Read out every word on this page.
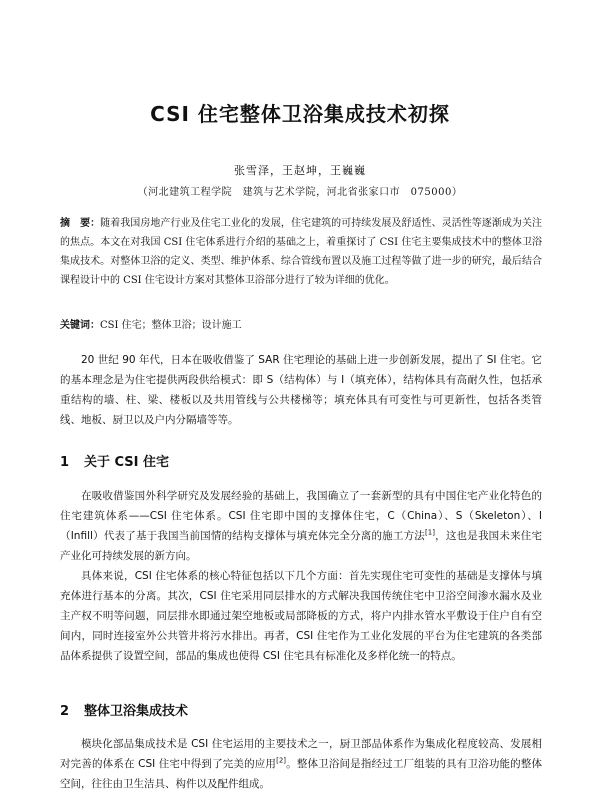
CSI 住宅整体卫浴集成技术初探
张雪泽，王赵坤，王巍巍
（河北建筑工程学院　建筑与艺术学院，河北省张家口市　075000）
摘　要：随着我国房地产行业及住宅工业化的发展，住宅建筑的可持续发展及舒适性、灵活性等逐渐成为关注的焦点。本文在对我国 CSI 住宅体系进行介绍的基础之上，着重探讨了 CSI 住宅主要集成技术中的整体卫浴集成技术。对整体卫浴的定义、类型、维护体系、综合管线布置以及施工过程等做了进一步的研究，最后结合课程设计中的 CSI 住宅设计方案对其整体卫浴部分进行了较为详细的优化。
关键词：CSI 住宅；整体卫浴；设计施工
20 世纪 90 年代，日本在吸收借鉴了 SAR 住宅理论的基础上进一步创新发展，提出了 SI 住宅。它的基本理念是为住宅提供两段供给模式：即 S（结构体）与 I（填充体），结构体具有高耐久性，包括承重结构的墙、柱、梁、楼板以及共用管线与公共楼梯等；填充体具有可变性与可更新性，包括各类管线、地板、厨卫以及户内分隔墙等等。
1 关于 CSI 住宅

在吸收借鉴国外科学研究及发展经验的基础上，我国确立了一套新型的具有中国住宅产业化特色的住宅建筑体系——CSI 住宅体系。CSI 住宅即中国的支撑体住宅，C（China）、S（Skeleton）、I（Infill）代表了基于我国当前国情的结构支撑体与填充体完全分离的施工方法[1]，这也是我国未来住宅产业化可持续发展的新方向。

具体来说，CSI 住宅体系的核心特征包括以下几个方面：首先实现住宅可变性的基础是支撑体与填充体进行基本的分离。其次，CSI 住宅采用同层排水的方式解决我国传统住宅中卫浴空间渗水漏水及业主产权不明等问题，同层排水即通过架空地板或局部降板的方式，将户内排水管水平敷设于住户自有空间内，同时连接室外公共管井将污水排出。再者，CSI 住宅作为工业化发展的平台为住宅建筑的各类部品体系提供了设置空间，部品的集成也使得 CSI 住宅具有标准化及多样化统一的特点。

2 整体卫浴集成技术

模块化部品集成技术是 CSI 住宅运用的主要技术之一，厨卫部品体系作为集成化程度较高、发展相对完善的体系在 CSI 住宅中得到了完美的应用[2]。整体卫浴间是指经过工厂组装的具有卫浴功能的整体空间，往往由卫生洁具、构件以及配件组成。
